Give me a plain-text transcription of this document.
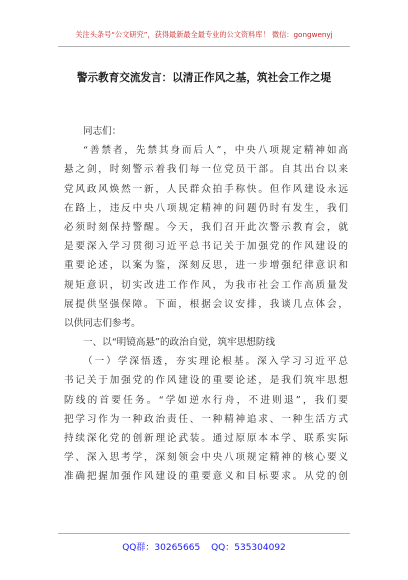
关注头条号“公文研究”，获得最新最全最专业的公文资料库！ 微信：gongwenyj
警示教育交流发言：以清正作风之基，筑社会工作之堤
同志们：
“善禁者，先禁其身而后人”，中央八项规定精神如高
悬之剑，时刻警示着我们每一位党员干部。自其出台以来
党风政风焕然一新，人民群众拍手称快。但作风建设永远
在路上，违反中央八项规定精神的问题仍时有发生，我们
必须时刻保持警醒。今天，我们召开此次警示教育会，就
是要深入学习贯彻习近平总书记关于加强党的作风建设的
重要论述，以案为鉴，深刻反思，进一步增强纪律意识和
规矩意识，切实改进工作作风，为我市社会工作高质量发
展提供坚强保障。下面，根据会议安排，我谈几点体会，
以供同志们参考。
一、以“明镜高悬”的政治自觉，筑牢思想防线
（一）学深悟透，夯实理论根基。深入学习习近平总
书记关于加强党的作风建设的重要论述，是我们筑牢思想
防线的首要任务。“学如逆水行舟，不进则退”，我们要
把学习作为一种政治责任、一种精神追求、一种生活方式
持续深化党的创新理论武装。通过原原本本学、联系实际
学、深入思考学，深刻领会中央八项规定精神的核心要义
准确把握加强作风建设的重要意义和目标要求。从党的创
QQ群：30265665 QQ：535304092
